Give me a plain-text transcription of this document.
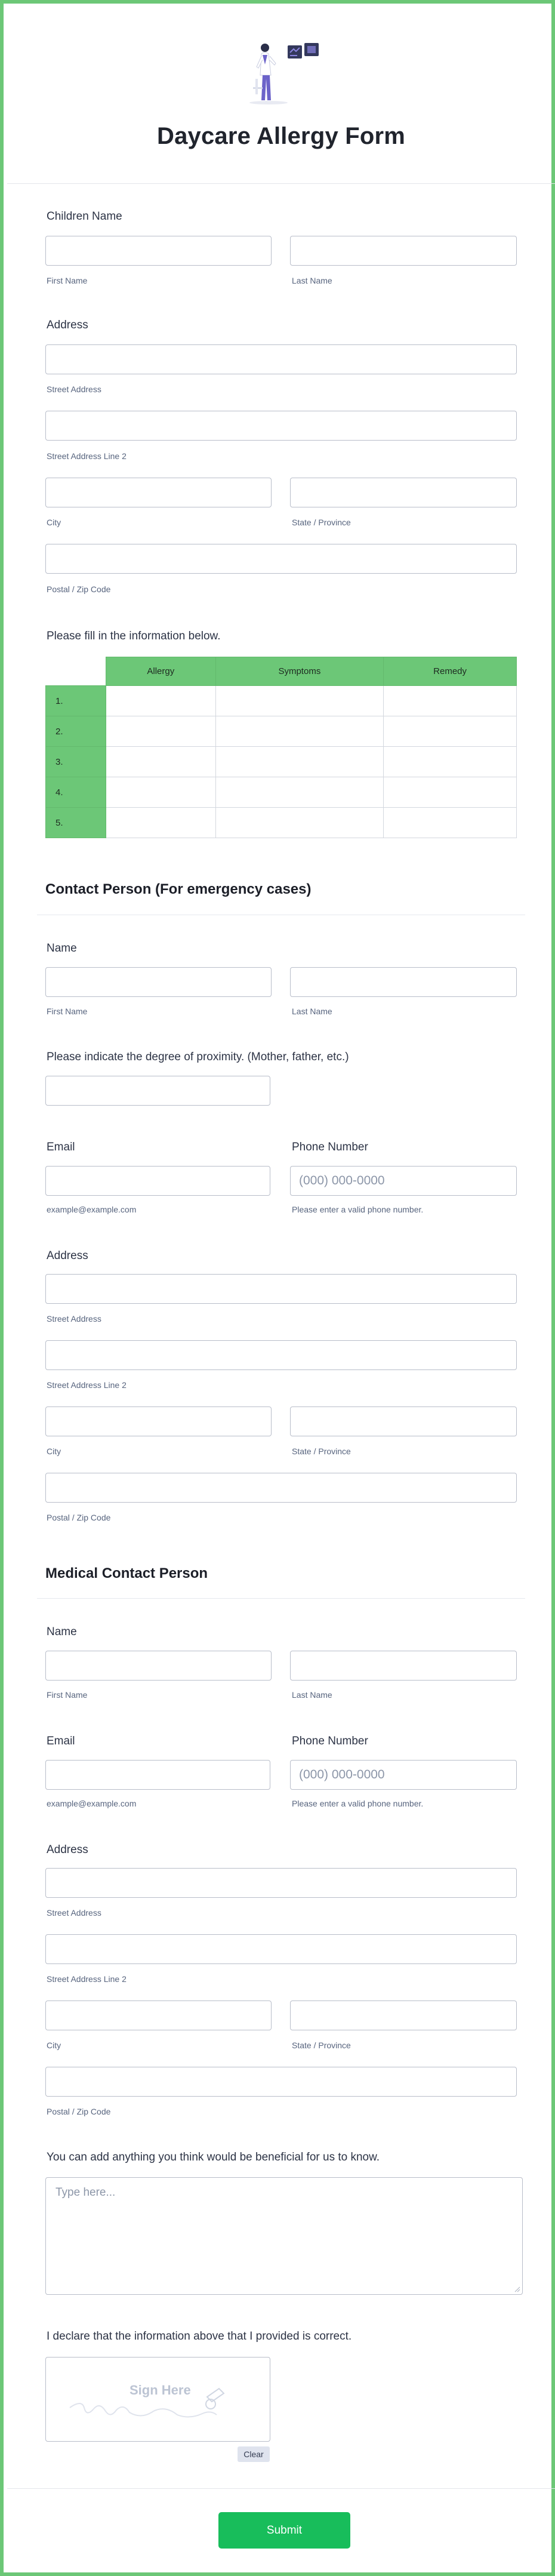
Daycare Allergy Form
Children Name
First Name	Last Name
Address
Street Address
Street Address Line 2
City	State / Province
Postal / Zip Code
Please fill in the information below.
	Allergy	Symptoms	Remedy
1.			
2.			
3.			
4.			
5.			
Contact Person (For emergency cases)
Name
First Name	Last Name
Please indicate the degree of proximity. (Mother, father, etc.)
Email	Phone Number
(000) 000-0000
example@example.com	Please enter a valid phone number.
Address
Street Address
Street Address Line 2
City	State / Province
Postal / Zip Code
Medical Contact Person
Name
First Name	Last Name
Email	Phone Number
(000) 000-0000
example@example.com	Please enter a valid phone number.
Address
Street Address
Street Address Line 2
City	State / Province
Postal / Zip Code
You can add anything you think would be beneficial for us to know.
Type here...
I declare that the information above that I provided is correct.
Sign Here
Clear
Submit
